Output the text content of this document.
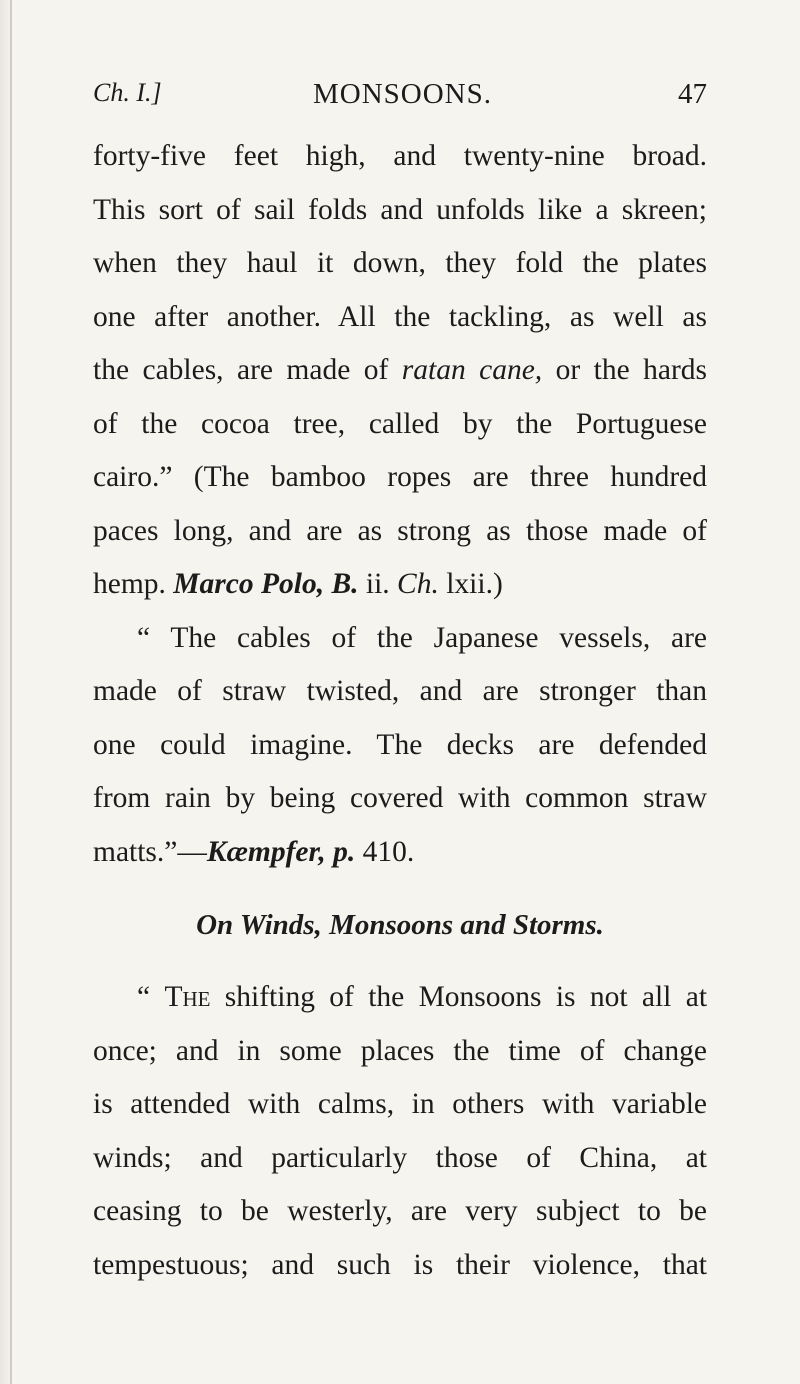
Ch. I.]	MONSOONS.	47
forty-five feet high, and twenty-nine broad.
This sort of sail folds and unfolds like a skreen;
when they haul it down, they fold the plates
one after another. All the tackling, as well as
the cables, are made of ratan cane, or the hards
of the cocoa tree, called by the Portuguese
cairo.” (The bamboo ropes are three hundred
paces long, and are as strong as those made of
hemp. Marco Polo, B. ii. Ch. lxii.)
“ The cables of the Japanese vessels, are
made of straw twisted, and are stronger than
one could imagine. The decks are defended
from rain by being covered with common straw
matts.”—Kæmpfer, p. 410.
On Winds, Monsoons and Storms.
“ The shifting of the Monsoons is not all at
once; and in some places the time of change
is attended with calms, in others with variable
winds; and particularly those of China, at
ceasing to be westerly, are very subject to be
tempestuous; and such is their violence, that
